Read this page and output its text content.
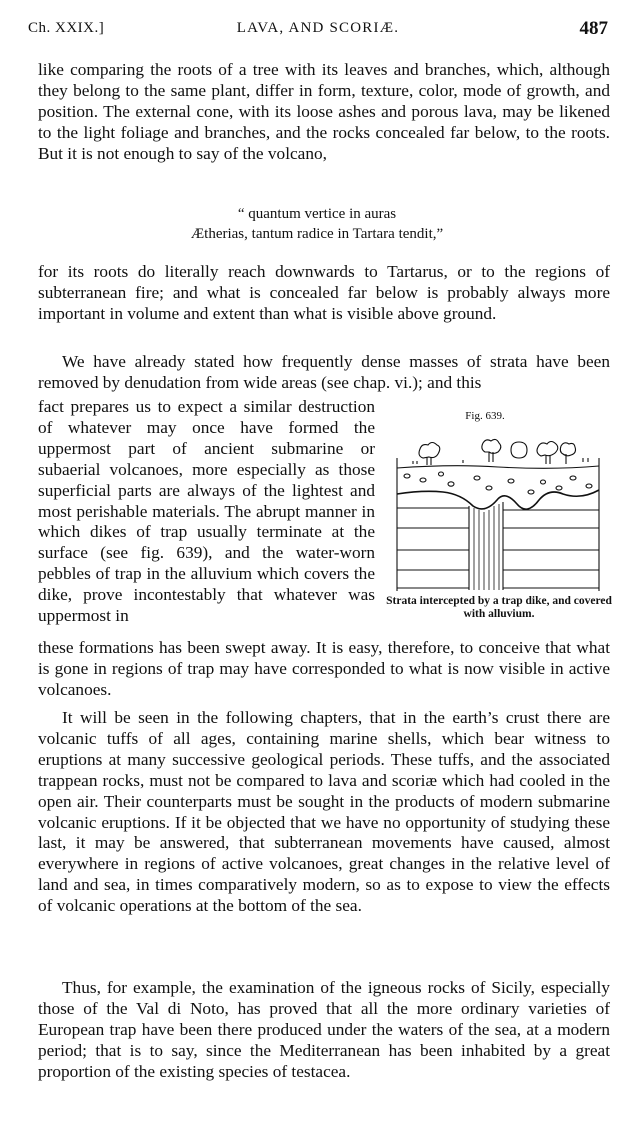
Ch. XXIX.]	LAVA, AND SCORIÆ.	487

like comparing the roots of a tree with its leaves and branches, which, although they belong to the same plant, differ in form, texture, color, mode of growth, and position. The external cone, with its loose ashes and porous lava, may be likened to the light foliage and branches, and the rocks concealed far below, to the roots. But it is not enough to say of the volcano,

“ quantum vertice in auras
Ætherias, tantum radice in Tartara tendit,”

for its roots do literally reach downwards to Tartarus, or to the regions of subterranean fire; and what is concealed far below is probably always more important in volume and extent than what is visible above ground.

We have already stated how frequently dense masses of strata have been removed by denudation from wide areas (see chap. vi.); and this

fact prepares us to expect a similar destruction of whatever may once have formed the uppermost part of ancient submarine or subaerial volcanoes, more especially as those superficial parts are always of the lightest and most perishable materials. The abrupt manner in which dikes of trap usually terminate at the surface (see fig. 639), and the water-worn pebbles of trap in the alluvium which covers the dike, prove incontestably that whatever was uppermost in

Fig. 639.
Strata intercepted by a trap dike, and covered with alluvium.

these formations has been swept away. It is easy, therefore, to conceive that what is gone in regions of trap may have corresponded to what is now visible in active volcanoes.

It will be seen in the following chapters, that in the earth’s crust there are volcanic tuffs of all ages, containing marine shells, which bear witness to eruptions at many successive geological periods. These tuffs, and the associated trappean rocks, must not be compared to lava and scoriæ which had cooled in the open air. Their counterparts must be sought in the products of modern submarine volcanic eruptions. If it be objected that we have no opportunity of studying these last, it may be answered, that subterranean movements have caused, almost everywhere in regions of active volcanoes, great changes in the relative level of land and sea, in times comparatively modern, so as to expose to view the effects of volcanic operations at the bottom of the sea.

Thus, for example, the examination of the igneous rocks of Sicily, especially those of the Val di Noto, has proved that all the more ordinary varieties of European trap have been there produced under the waters of the sea, at a modern period; that is to say, since the Mediterranean has been inhabited by a great proportion of the existing species of testacea.
